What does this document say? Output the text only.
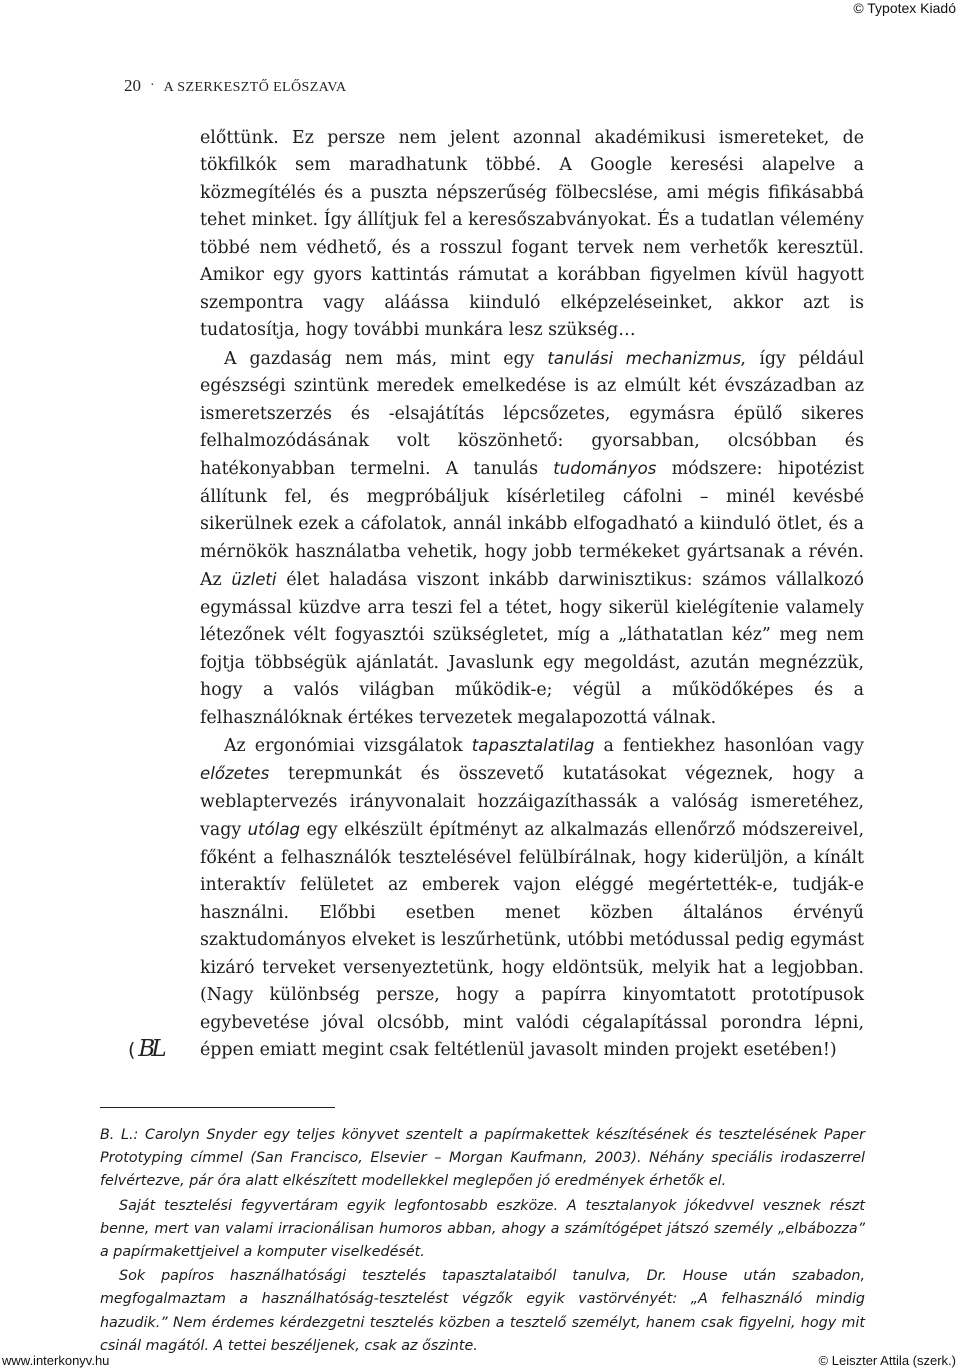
© Typotex Kiadó
20 · A SZERKESZTŐ ELŐSZAVA

előttünk. Ez persze nem jelent azonnal akadémikusi ismereteket, de tökfilkók sem maradhatunk többé. A Google keresési alapelve a közmegítélés és a puszta népszerűség fölbecslése, ami mégis fifikásabbá tehet minket. Így állítjuk fel a keresőszabványokat. És a tudatlan vélemény többé nem védhető, és a rosszul fogant tervek nem verhetők keresztül. Amikor egy gyors kattintás rámutat a korábban figyelmen kívül hagyott szempontra vagy aláássa kiinduló elképzeléseinket, akkor azt is tudatosítja, hogy további munkára lesz szükség…

A gazdaság nem más, mint egy tanulási mechanizmus, így például egészségi szintünk meredek emelkedése is az elmúlt két évszázadban az ismeretszerzés és -elsajátítás lépcsőzetes, egymásra épülő sikeres felhalmozódásának volt köszönhető: gyorsabban, olcsóbban és hatékonyabban termelni. A tanulás tudományos módszere: hipotézist állítunk fel, és megpróbáljuk kísérletileg cáfolni – minél kevésbé sikerülnek ezek a cáfolatok, annál inkább elfogadható a kiinduló ötlet, és a mérnökök használatba vehetik, hogy jobb termékeket gyártsanak a révén. Az üzleti élet haladása viszont inkább darwinisztikus: számos vállalkozó egymással küzdve arra teszi fel a tétet, hogy sikerül kielégítenie valamely létezőnek vélt fogyasztói szükségletet, míg a „láthatatlan kéz” meg nem fojtja többségük ajánlatát. Javaslunk egy megoldást, azután megnézzük, hogy a valós világban működik-e; végül a működőképes és a felhasználóknak értékes tervezetek megalapozottá válnak.

Az ergonómiai vizsgálatok tapasztalatilag a fentiekhez hasonlóan vagy előzetes terepmunkát és összevető kutatásokat végeznek, hogy a weblaptervezés irányvonalait hozzáigazíthassák a valóság ismeretéhez, vagy utólag egy elkészült építményt az alkalmazás ellenőrző módszereivel, főként a felhasználók tesztelésével felülbírálnak, hogy kiderüljön, a kínált interaktív felületet az emberek vajon eléggé megértették-e, tudják-e használni. Előbbi esetben menet közben általános érvényű szaktudományos elveket is leszűrhetünk, utóbbi metódussal pedig egymást kizáró terveket versenyeztetünk, hogy eldöntsük, melyik hat a legjobban. (Nagy különbség persze, hogy a papírra kinyomtatott prototípusok egybevetése jóval olcsóbb, mint valódi cégalapítással porondra lépni, éppen emiatt megint csak feltétlenül javasolt minden projekt esetében!)

( BL

B. L.: Carolyn Snyder egy teljes könyvet szentelt a papírmakettek készítésének és tesztelésének Paper Prototyping címmel (San Francisco, Elsevier – Morgan Kaufmann, 2003). Néhány speciális irodaszerrel felvértezve, pár óra alatt elkészített modellekkel meglepően jó eredmények érhetők el.

Saját tesztelési fegyvertáram egyik legfontosabb eszköze. A tesztalanyok jókedvvel vesznek részt benne, mert van valami irracionálisan humoros abban, ahogy a számítógépet játszó személy „elbábozza” a papírmakettjeivel a komputer viselkedését.

Sok papíros használhatósági tesztelés tapasztalataiból tanulva, Dr. House után szabadon, megfogalmaztam a használhatóság-tesztelést végzők egyik vastörvényét: „A felhasználó mindig hazudik.” Nem érdemes kérdezgetni tesztelés közben a tesztelő személyt, hanem csak figyelni, hogy mit csinál magától. A tettei beszéljenek, csak az őszinte.

www.interkonyv.hu	© Leiszter Attila (szerk.)
